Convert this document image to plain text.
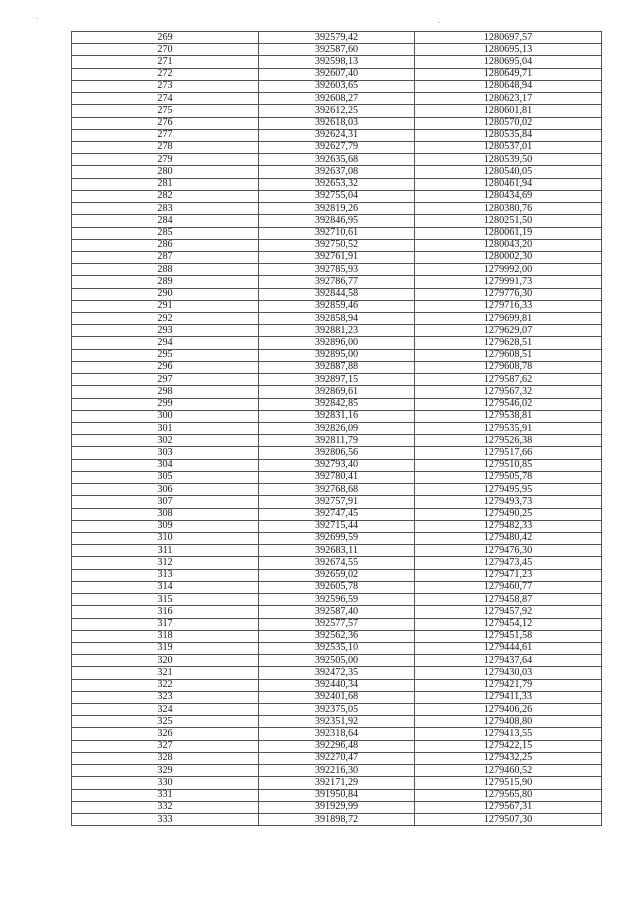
269	392579,42	1280697,57
270	392587,60	1280695,13
271	392598,13	1280695,04
272	392607,40	1280649,71
273	392603,65	1280648,94
274	392608,27	1280623,17
275	392612,25	1280601,81
276	392618,03	1280570,02
277	392624,31	1280535,84
278	392627,79	1280537,01
279	392635,68	1280539,50
280	392637,08	1280540,05
281	392653,32	1280461,94
282	392755,04	1280434,69
283	392819,26	1280380,76
284	392846,95	1280251,50
285	392710,61	1280061,19
286	392750,52	1280043,20
287	392761,91	1280002,30
288	392785,93	1279992,00
289	392786,77	1279991,73
290	392844,58	1279776,30
291	392859,46	1279716,33
292	392858,94	1279699,81
293	392881,23	1279629,07
294	392896,00	1279628,51
295	392895,00	1279608,51
296	392887,88	1279608,78
297	392897,15	1279587,62
298	392869,61	1279567,32
299	392842,85	1279546,02
300	392831,16	1279538,81
301	392826,09	1279535,91
302	392811,79	1279526,38
303	392806,56	1279517,66
304	392793,40	1279510,85
305	392780,41	1279505,78
306	392768,68	1279495,95
307	392757,91	1279493,73
308	392747,45	1279490,25
309	392715,44	1279482,33
310	392699,59	1279480,42
311	392683,11	1279476,30
312	392674,55	1279473,45
313	392659,02	1279471,23
314	392605,78	1279460,77
315	392596,59	1279458,87
316	392587,40	1279457,92
317	392577,57	1279454,12
318	392562,36	1279451,58
319	392535,10	1279444,61
320	392505,00	1279437,64
321	392472,35	1279430,03
322	392440,34	1279421,79
323	392401,68	1279411,33
324	392375,05	1279406,26
325	392351,92	1279408,80
326	392318,64	1279413,55
327	392296,48	1279422,15
328	392270,47	1279432,25
329	392216,30	1279460,52
330	392171,29	1279515,90
331	391950,84	1279565,80
332	391929,99	1279567,31
333	391898,72	1279507,30
